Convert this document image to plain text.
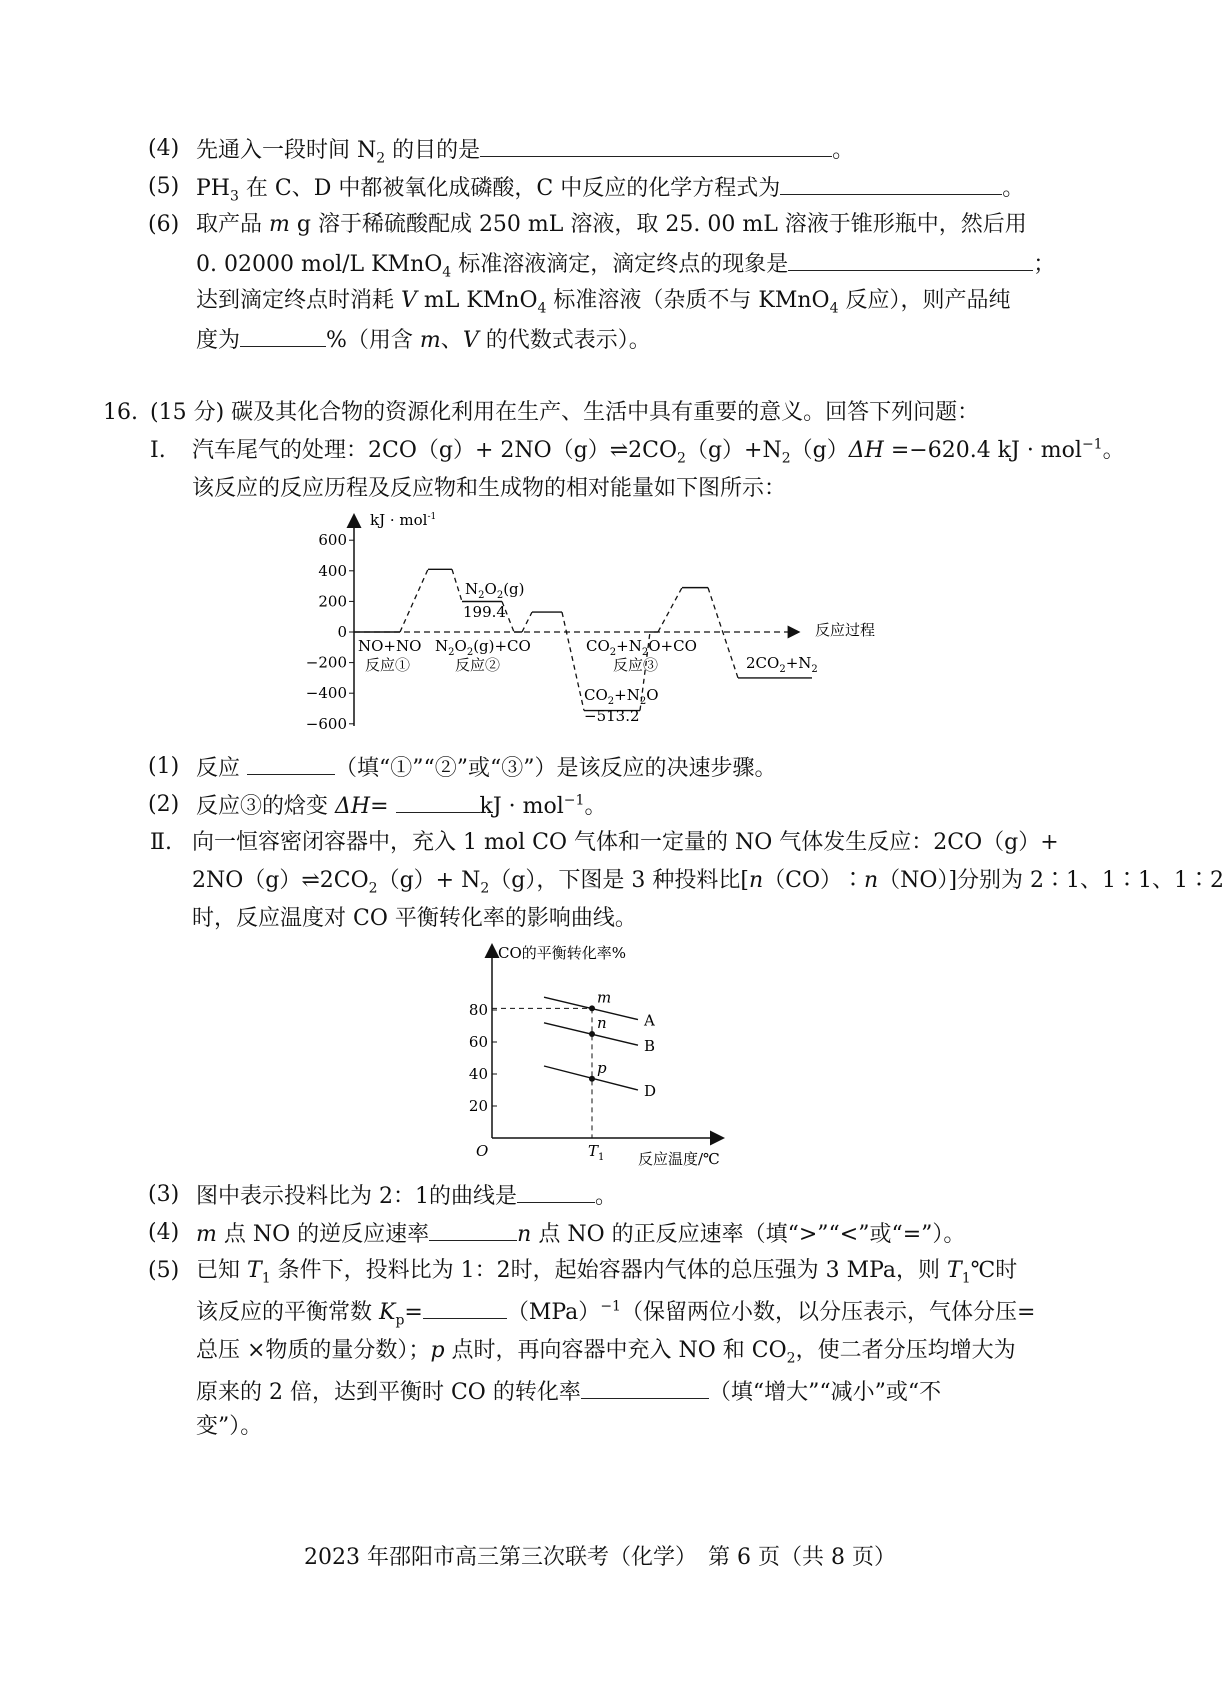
(4) 先通入一段时间 $N_2$ 的目的是	。
(5) $PH_3$ 在 C、D 中都被氧化成磷酸，C 中反应的化学方程式为	。
(6) 取产品 m g 溶于稀硫酸配成 250 mL 溶液，取 25. 00 mL 溶液于锥形瓶中，然后用
0. 02000 mol/L KMnO$_4$ 标准溶液滴定，滴定终点的现象是	；
达到滴定终点时消耗 V mL KMnO$_4$ 标准溶液（杂质不与 KMnO$_4$ 反应），则产品纯
度为	%（用含 m、V 的代数式表示）。
16. (15 分) 碳及其化合物的资源化利用在生产、生活中具有重要的意义。回答下列问题：
Ⅰ. 汽车尾气的处理：$2CO(g)+ 2NO(g)\rightleftharpoons 2CO_2(g)+N_2(g)\Delta H =-620.4$ kJ · mol$^{-1}$。
该反应的反应历程及反应物和生成物的相对能量如下图所示：
600
400
200
0
−200
−400
−600
kJ · mol$^{-1}$
反应过程
NO+NO
反应①
$N_2O_2(g)+CO$
反应②
$CO_2+N_2O+CO$
反应③	$2CO_2+N_2$
$N_2O_2(g)$
199.4
$CO_2+N_2O$
−513.2
(1) 反应	（填“①”“②”或“③”）是该反应的决速步骤。
(2) 反应③的焓变 ΔH=	kJ · mol$^{-1}$。
Ⅱ. 向一恒容密闭容器中，充入 1 mol CO 气体和一定量的 NO 气体发生反应：2CO（g）+
$2NO(g)\rightleftharpoons 2CO_2(g)+ N_2(g)$，下图是 3 种投料比[n（CO）∶n（NO）]分别为 2∶1、1∶1、1∶2
时，反应温度对 CO 平衡转化率的影响曲线。
80
60
40
20
A
m
B
n
D
p
CO的平衡转化率%
反应温度/℃
O	$T_1$
(3) 图中表示投料比为 2：1的曲线是	。
(4) m 点 NO 的逆反应速率	n 点 NO 的正反应速率（填“>”“<”或“=”）。
(5) 已知 $T_1$ 条件下，投料比为 1：2时，起始容器内气体的总压强为 3 MPa，则 $T_1℃$时
该反应的平衡常数 $K_p=$	（MPa）$^{-1}$（保留两位小数，以分压表示，气体分压=
总压 ×物质的量分数）；p 点时，再向容器中充入 NO 和 $CO_2$，使二者分压均增大为
原来的 2 倍，达到平衡时 CO 的转化率	（填“增大”“减小”或“不
变”）。
2023 年邵阳市高三第三次联考（化学）　第 6 页（共 8 页）
